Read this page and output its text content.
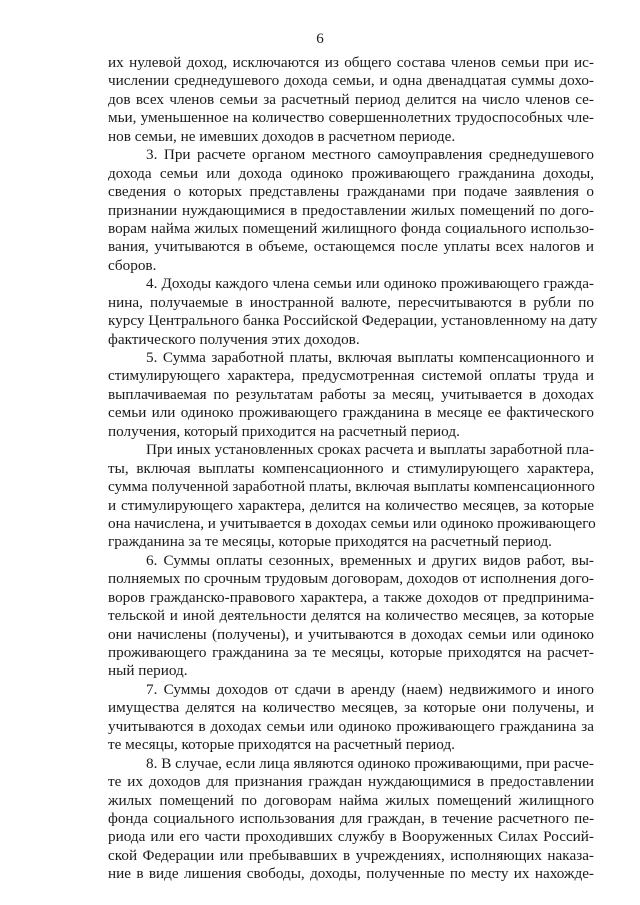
6
их нулевой доход, исключаются из общего состава членов семьи при ис-
числении среднедушевого дохода семьи, и одна двенадцатая суммы дохо-
дов всех членов семьи за расчетный период делится на число членов се-
мьи, уменьшенное на количество совершеннолетних трудоспособных чле-
нов семьи, не имевших доходов в расчетном периоде.
3. При расчете органом местного самоуправления среднедушевого
дохода семьи или дохода одиноко проживающего гражданина доходы,
сведения о которых представлены гражданами при подаче заявления о
признании нуждающимися в предоставлении жилых помещений по дого-
ворам найма жилых помещений жилищного фонда социального использо-
вания, учитываются в объеме, остающемся после уплаты всех налогов и
сборов.
4. Доходы каждого члена семьи или одиноко проживающего гражда-
нина, получаемые в иностранной валюте, пересчитываются в рубли по
курсу Центрального банка Российской Федерации, установленному на дату
фактического получения этих доходов.
5. Сумма заработной платы, включая выплаты компенсационного и
стимулирующего характера, предусмотренная системой оплаты труда и
выплачиваемая по результатам работы за месяц, учитывается в доходах
семьи или одиноко проживающего гражданина в месяце ее фактического
получения, который приходится на расчетный период.
При иных установленных сроках расчета и выплаты заработной пла-
ты, включая выплаты компенсационного и стимулирующего характера,
сумма полученной заработной платы, включая выплаты компенсационного
и стимулирующего характера, делится на количество месяцев, за которые
она начислена, и учитывается в доходах семьи или одиноко проживающего
гражданина за те месяцы, которые приходятся на расчетный период.
6. Суммы оплаты сезонных, временных и других видов работ, вы-
полняемых по срочным трудовым договорам, доходов от исполнения дого-
воров гражданско-правового характера, а также доходов от предпринима-
тельской и иной деятельности делятся на количество месяцев, за которые
они начислены (получены), и учитываются в доходах семьи или одиноко
проживающего гражданина за те месяцы, которые приходятся на расчет-
ный период.
7. Суммы доходов от сдачи в аренду (наем) недвижимого и иного
имущества делятся на количество месяцев, за которые они получены, и
учитываются в доходах семьи или одиноко проживающего гражданина за
те месяцы, которые приходятся на расчетный период.
8. В случае, если лица являются одиноко проживающими, при расче-
те их доходов для признания граждан нуждающимися в предоставлении
жилых помещений по договорам найма жилых помещений жилищного
фонда социального использования для граждан, в течение расчетного пе-
риода или его части проходивших службу в Вооруженных Силах Россий-
ской Федерации или пребывавших в учреждениях, исполняющих наказа-
ние в виде лишения свободы, доходы, полученные по месту их нахожде-
